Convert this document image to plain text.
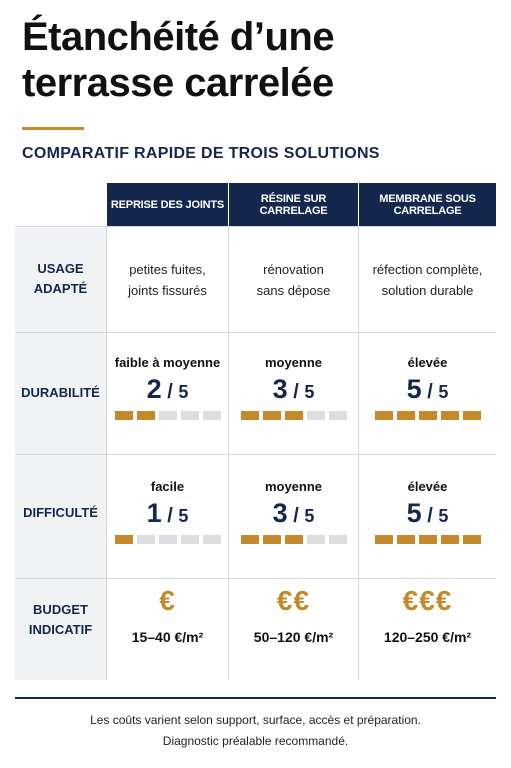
Étanchéité d’une terrasse carrelée
COMPARATIF RAPIDE DE TROIS SOLUTIONS
REPRISE DES JOINTS	RÉSINE SUR CARRELAGE
MEMBRANE SOUS CARRELAGE
USAGE ADAPTÉ
petites fuites,
joints fissurés
rénovation
sans dépose
réfection complète,
solution durable
DURABILITÉ
faible à moyenne
2 / 5
moyenne
3 / 5
élevée
5 / 5
DIFFICULTÉ
facile
1 / 5
moyenne
3 / 5
élevée
5 / 5
BUDGET INDICATIF
€
15–40 €/m²
€€
50–120 €/m²
€€€
120–250 €/m²
Les coûts varient selon support, surface, accès et préparation.
Diagnostic préalable recommandé.
